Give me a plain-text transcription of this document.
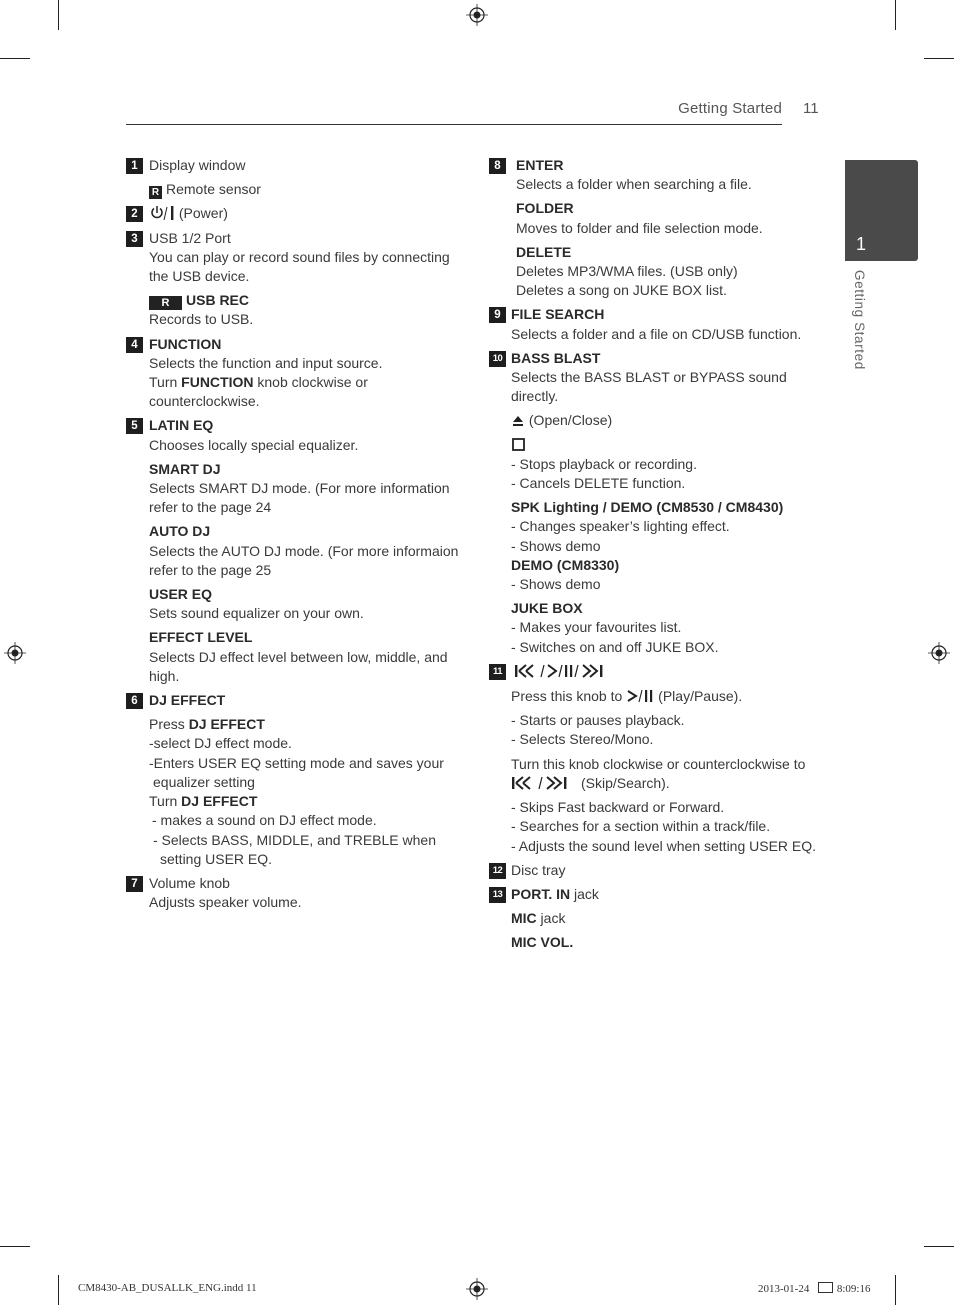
Getting Started 11
1
Getting Started
1 Display window
R Remote sensor
2	(Power)
3 USB 1/2 Port
You can play or record sound files by connecting the USB device.
R USB REC
Records to USB.
4 FUNCTION
Selects the function and input source.
Turn FUNCTION knob clockwise or counterclockwise.
5 LATIN EQ
Chooses locally special equalizer.
SMART DJ
Selects SMART DJ mode. (For more information refer to the page 24
AUTO DJ
Selects the AUTO DJ mode. (For more informaion refer to the page 25
USER EQ
Sets sound equalizer on your own.
EFFECT LEVEL
Selects DJ effect level between low, middle, and high.
6 DJ EFFECT
Press DJ EFFECT
-select DJ effect mode.
-Enters USER EQ setting mode and saves your
equalizer setting
Turn DJ EFFECT
- makes a sound on DJ effect mode.
- Selects BASS, MIDDLE, and TREBLE when
setting USER EQ.
7 Volume knob
Adjusts speaker volume.
8	ENTER
Selects a folder when searching a file.
FOLDER
Moves to folder and file selection mode.
DELETE
Deletes MP3/WMA files. (USB only)
Deletes a song on JUKE BOX list.
9 FILE SEARCH
Selects a folder and a file on CD/USB function.
10 BASS BLAST
Selects the BASS BLAST or BYPASS sound directly.
(Open/Close)
- Stops playback or recording.
- Cancels DELETE function.
SPK Lighting / DEMO (CM8530 / CM8430)
- Changes speaker’s lighting effect.
- Shows demo
DEMO (CM8330)
- Shows demo
JUKE BOX
- Makes your favourites list.
- Switches on and off JUKE BOX.
11
Press this knob to	(Play/Pause).
- Starts or pauses playback.
- Selects Stereo/Mono.
Turn this knob clockwise or counterclockwise to
(Skip/Search).
- Skips Fast backward or Forward.
- Searches for a section within a track/file.
- Adjusts the sound level when setting USER EQ.
12 Disc tray
13 PORT. IN jack
MIC jack
MIC VOL.
CM8430-AB_DUSALLK_ENG.indd 11	2013-01-24	8:09:16
